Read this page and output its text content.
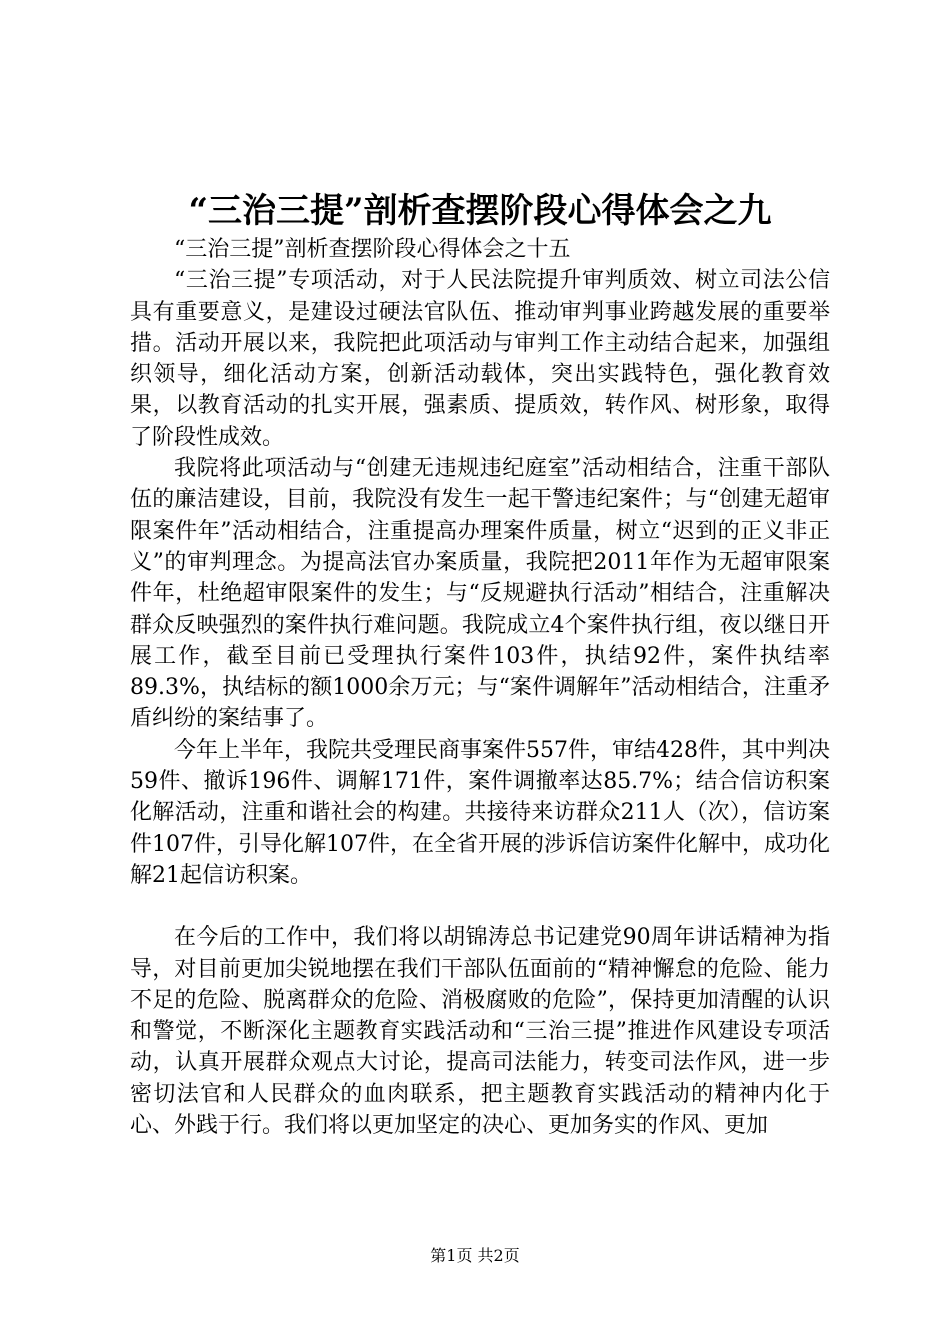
“三治三提”剖析查摆阶段心得体会之九

“三治三提”剖析查摆阶段心得体会之十五

“三治三提”专项活动，对于人民法院提升审判质效、树立司法公信具有重要意义，是建设过硬法官队伍、推动审判事业跨越发展的重要举措。活动开展以来，我院把此项活动与审判工作主动结合起来，加强组织领导，细化活动方案，创新活动载体，突出实践特色，强化教育效果，以教育活动的扎实开展，强素质、提质效，转作风、树形象，取得了阶段性成效。

我院将此项活动与“创建无违规违纪庭室”活动相结合，注重干部队伍的廉洁建设，目前，我院没有发生一起干警违纪案件；与“创建无超审限案件年”活动相结合，注重提高办理案件质量，树立“迟到的正义非正义”的审判理念。为提高法官办案质量，我院把2011年作为无超审限案件年，杜绝超审限案件的发生；与“反规避执行活动”相结合，注重解决群众反映强烈的案件执行难问题。我院成立4个案件执行组，夜以继日开展工作，截至目前已受理执行案件103件，执结92件，案件执结率89.3%，执结标的额1000余万元；与“案件调解年”活动相结合，注重矛盾纠纷的案结事了。

今年上半年，我院共受理民商事案件557件，审结428件，其中判决59件、撤诉196件、调解171件，案件调撤率达85.7%；结合信访积案化解活动，注重和谐社会的构建。共接待来访群众211人（次），信访案件107件，引导化解107件，在全省开展的涉诉信访案件化解中，成功化解21起信访积案。

在今后的工作中，我们将以胡锦涛总书记建党90周年讲话精神为指导，对目前更加尖锐地摆在我们干部队伍面前的“精神懈怠的危险、能力不足的危险、脱离群众的危险、消极腐败的危险”，保持更加清醒的认识和警觉，不断深化主题教育实践活动和“三治三提”推进作风建设专项活动，认真开展群众观点大讨论，提高司法能力，转变司法作风，进一步密切法官和人民群众的血肉联系，把主题教育实践活动的精神内化于心、外践于行。我们将以更加坚定的决心、更加务实的作风、更加

第1页 共2页
